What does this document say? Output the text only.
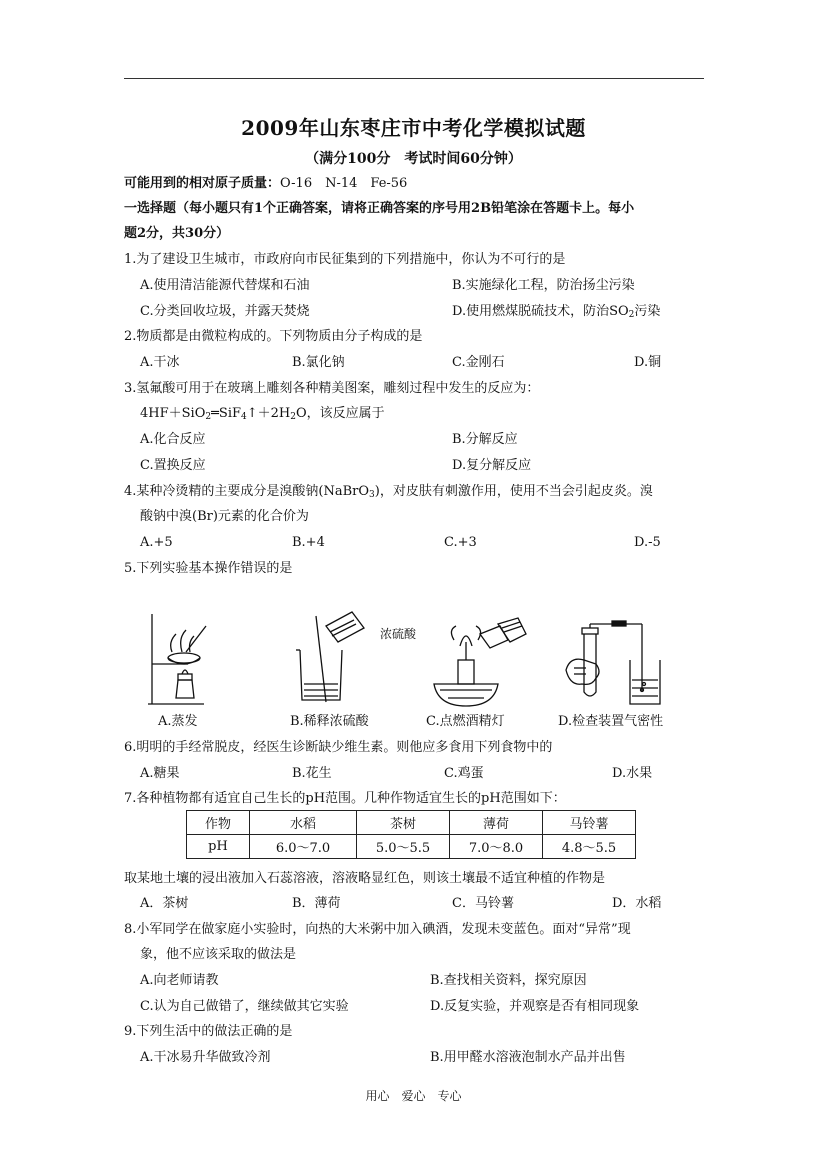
2009年山东枣庄市中考化学模拟试题
（满分100分　考试时间60分钟）
可能用到的相对原子质量：O-16　N-14　Fe-56
一选择题（每小题只有1个正确答案，请将正确答案的序号用2B铅笔涂在答题卡上。每小
题2分，共30分）
1.为了建设卫生城市，市政府向市民征集到的下列措施中，你认为不可行的是
A.使用清洁能源代替煤和石油	B.实施绿化工程，防治扬尘污染
C.分类回收垃圾，并露天焚烧	D.使用燃煤脱硫技术，防治$SO_2$污染
2.物质都是由微粒构成的。下列物质由分子构成的是
A.干冰	B.氯化钠	C.金刚石	D.铜
3.氢氟酸可用于在玻璃上雕刻各种精美图案，雕刻过程中发生的反应为：
$4HF+SiO_2═SiF_4↑+2H_2O$，该反应属于
A.化合反应	B.分解反应
C.置换反应	D.复分解反应
4.某种冷烫精的主要成分是溴酸钠(NaBrO$_3$)，对皮肤有刺激作用，使用不当会引起皮炎。溴
酸钠中溴(Br)元素的化合价为
A.+5	B.+4	C.+3	D.-5
5.下列实验基本操作错误的是
浓硫酸
A.蒸发	B.稀释浓硫酸	C.点燃酒精灯	D.检查装置气密性
6.明明的手经常脱皮，经医生诊断缺少维生素。则他应多食用下列食物中的
A.糖果	B.花生	C.鸡蛋	D.水果
7.各种植物都有适宜自己生长的pH范围。几种作物适宜生长的pH范围如下：
作物	水稻	茶树	薄荷	马铃薯
pH	6.0～7.0	5.0～5.5	7.0～8.0	4.8～5.5
取某地土壤的浸出液加入石蕊溶液，溶液略显红色，则该土壤最不适宜种植的作物是
A．茶树	B．薄荷	C．马铃薯	D．水稻
8.小军同学在做家庭小实验时，向热的大米粥中加入碘酒，发现未变蓝色。面对“异常”现
象，他不应该采取的做法是
A.向老师请教	B.查找相关资料，探究原因
C.认为自己做错了，继续做其它实验	D.反复实验，并观察是否有相同现象
9.下列生活中的做法正确的是
A.干冰易升华做致冷剂	B.用甲醛水溶液泡制水产品并出售
用心　爱心　专心
